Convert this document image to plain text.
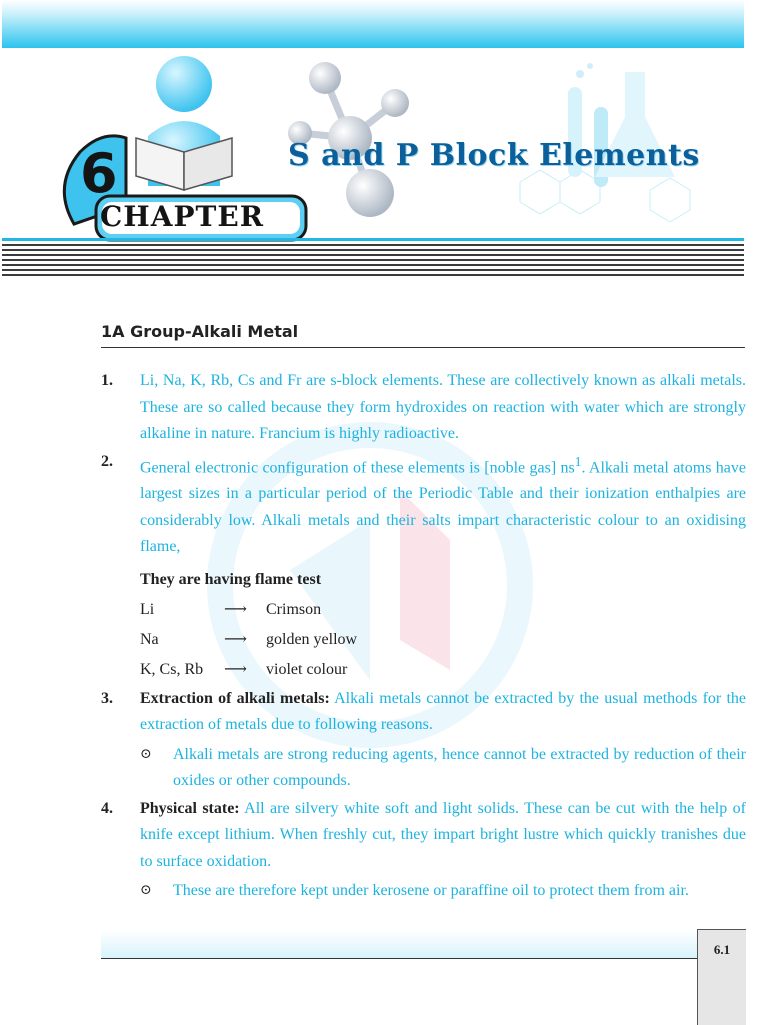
6
CHAPTER
S and P Block Elements
1A Group-Alkali Metal
1. Li, Na, K, Rb, Cs and Fr are s-block elements. These are collectively known as alkali metals. These are so called because they form hydroxides on reaction with water which are strongly alkaline in nature. Francium is highly radioactive.
2. General electronic configuration of these elements is [noble gas] $ns^1$. Alkali metal atoms have largest sizes in a particular period of the Periodic Table and their ionization enthalpies are considerably low. Alkali metals and their salts impart characteristic colour to an oxidising flame,
They are having flame test
Li	⟶	Crimson
Na	⟶	golden yellow
K, Cs, Rb	⟶	violet colour
3. Extraction of alkali metals: Alkali metals cannot be extracted by the usual methods for the extraction of metals due to following reasons.
⊙ Alkali metals are strong reducing agents, hence cannot be extracted by reduction of their oxides or other compounds.
4. Physical state: All are silvery white soft and light solids. These can be cut with the help of knife except lithium. When freshly cut, they impart bright lustre which quickly tranishes due to surface oxidation.
⊙ These are therefore kept under kerosene or paraffine oil to protect them from air.
6.1
